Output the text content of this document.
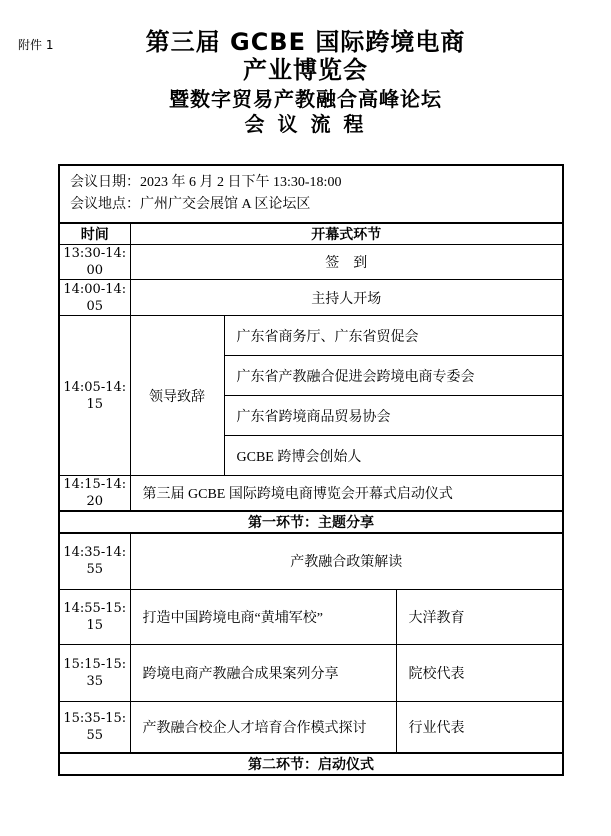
附件 1	第三届 GCBE 国际跨境电商
产业博览会
暨数字贸易产教融合高峰论坛
会 议 流 程
会议日期：2023 年 6 月 2 日下午 13:30-18:00
会议地点：广州广交会展馆 A 区论坛区			

时间	开幕式环节		
13:30-14:00	签　到		
14:00-14:05	主持人开场		
14:05-14:15	领导致辞	广东省商务厅、广东省贸促会	
		广东省产教融合促进会跨境电商专委会	
		广东省跨境商品贸易协会	
		GCBE 跨博会创始人	
14:15-14:20	第三届 GCBE 国际跨境电商博览会开幕式启动仪式		
第一环节：主题分享			
14:35-14:55	产教融合政策解读		
14:55-15:15	打造中国跨境电商“黄埔军校”		大洋教育
15:15-15:35	跨境电商产教融合成果案列分享		院校代表
15:35-15:55	产教融合校企人才培育合作模式探讨		行业代表
第二环节：启动仪式			
